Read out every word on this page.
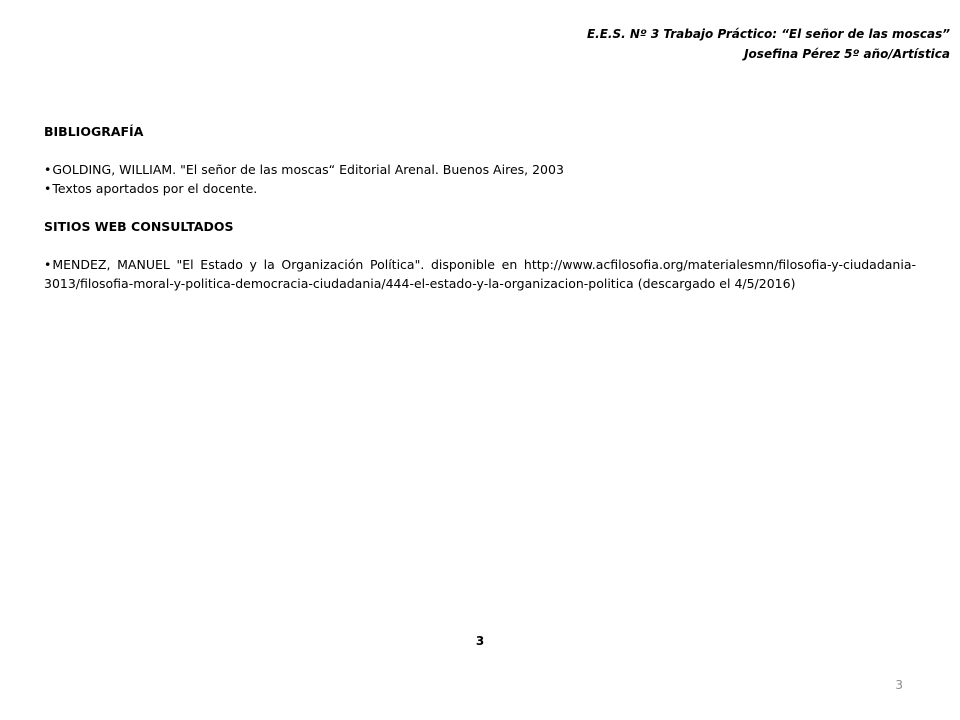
E.E.S. Nº 3 Trabajo Práctico: “El señor de las moscas”
Josefina Pérez 5º año/Artística
BIBLIOGRAFÍA
•GOLDING, WILLIAM. "El señor de las moscas“ Editorial Arenal. Buenos Aires, 2003
•Textos aportados por el docente.
SITIOS WEB CONSULTADOS
•MENDEZ, MANUEL "El Estado y la Organización Política". disponible en http://www.acfilosofia.org/materialesmn/filosofia-y-ciudadania-3013/filosofia-moral-y-politica-democracia-ciudadania/444-el-estado-y-la-organizacion-politica (descargado el 4/5/2016)
3
3
